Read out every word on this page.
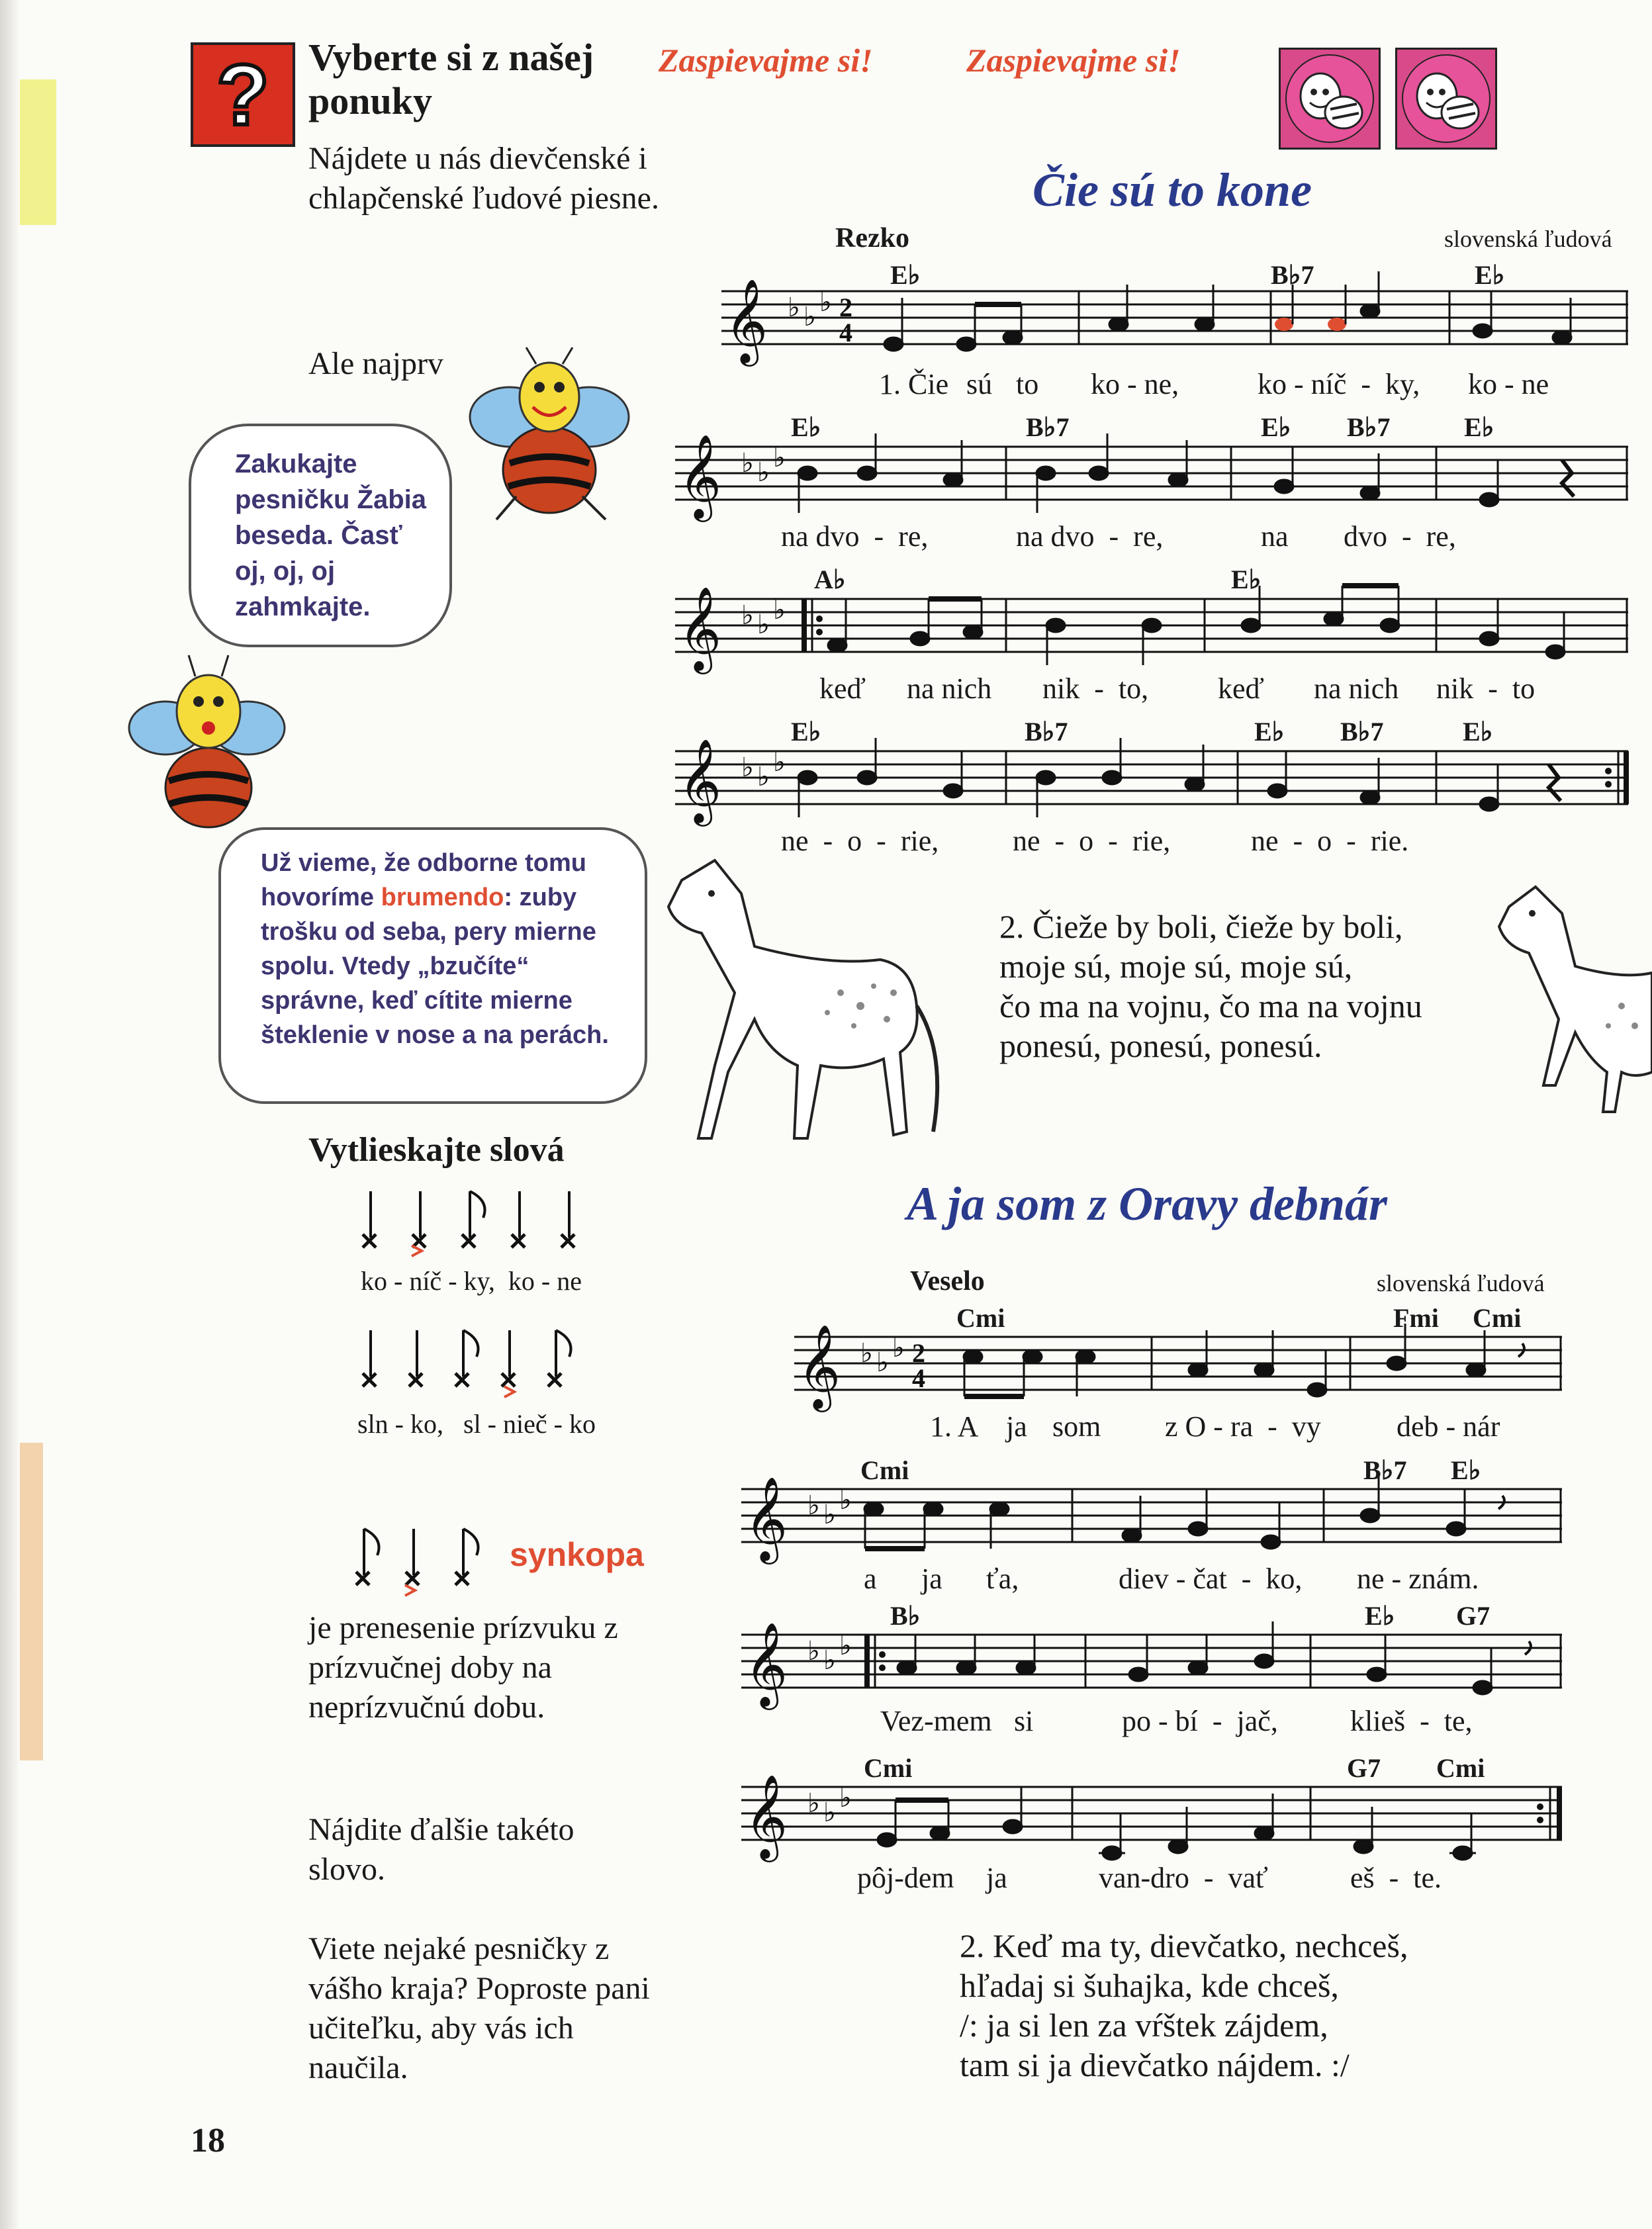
?	Vyberte si z našej ponuky
Nájdete u nás dievčenské i chlapčenské ľudové piesne.
Ale najprv
Zakukajte pesničku Žabia beseda. Časť oj, oj, oj zahmkajte.
Už vieme, že odborne tomu hovoríme brumendo: zuby trošku od seba, pery mierne spolu. Vtedy „bzučíte“ správne, keď cítite mierne šteklenie v nose a na perách.
Vytlieskajte slová
ko - níč - ky,  ko - ne
sln - ko,   sl - nieč - ko
synkopa
je prenesenie prízvuku z prízvučnej doby na neprízvučnú dobu.
Nájdite ďalšie takéto slovo.
Viete nejaké pesničky z vášho kraja? Poproste pani učiteľku, aby vás ich naučila.
18
Zaspievajme si!	Zaspievajme si!
Čie sú to kone
Rezko	slovenská ľudová
𝄞 ♭ ♭ ♭ 2
4
E♭	B♭7	E♭
1. Čie sú to ko - ne,	ko - níč  -  ky, ko - ne
𝄞 ♭ ♭ ♭
E♭	B♭7	E♭ B♭7	E♭
na dvo  -  re,	na dvo  -  re,	na dvo  -  re,
𝄞 ♭ ♭ ♭
A♭	E♭
keď na nich nik  -  to, keď na nich nik  -  to
𝄞 ♭ ♭ ♭
E♭	B♭7	E♭ B♭7	E♭
ne  -  o  -  rie,	ne  -  o  -  rie,	ne  -  o  -  rie.
2. Čieže by boli, čieže by boli,
moje sú, moje sú, moje sú,
čo ma na vojnu, čo ma na vojnu
ponesú, ponesú, ponesú.
A ja som z Oravy debnár
Veselo	slovenská ľudová
𝄞 ♭ ♭ ♭ 2
4
Cmi	Fmi Cmi
1. A ja som z O - ra  -  vy	deb - nár
𝄞 ♭ ♭ ♭
Cmi	B♭7 E♭
a ja ťa,	diev - čat  -  ko, ne - znám.
𝄞 ♭ ♭ ♭
B♭	E♭ G7
Vez-mem si	po - bí  -  jač, klieš  -  te,
𝄞 ♭ ♭ ♭
Cmi	G7 Cmi
pôj-dem ja	van-dro  -  vať	eš  -  te.
2. Keď ma ty, dievčatko, nechceš,
hľadaj si šuhajka, kde chceš,
/: ja si len za vŕštek zájdem,
tam si ja dievčatko nájdem. :/
